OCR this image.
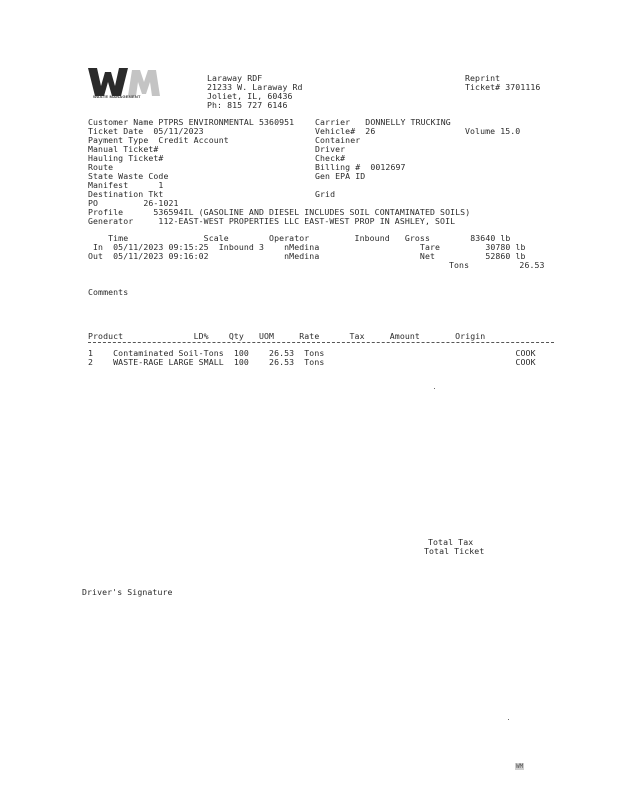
WASTE MANAGEMENT
Laraway RDF
21233 W. Laraway Rd
Joliet, IL, 60436
Ph: 815 727 6146
Reprint
Ticket# 3701116
Customer Name PTPRS ENVIRONMENTAL 5360951
Ticket Date  05/11/2023
Payment Type  Credit Account
Manual Ticket#
Hauling Ticket#
Route
State Waste Code
Manifest      1
Destination Tkt
PO         26-1021
Profile      536594IL (GASOLINE AND DIESEL INCLUDES SOIL CONTAMINATED SOILS)
Generator     112-EAST-WEST PROPERTIES LLC EAST-WEST PROP IN ASHLEY, SOIL
Carrier   DONNELLY TRUCKING
Vehicle#  26	Volume 15.0
Container
Driver
Check#
Billing #  0012697
Gen EPA ID
Grid
Time               Scale        Operator         Inbound   Gross        83640 lb
In  05/11/2023 09:15:25  Inbound 3    nMedina                    Tare         30780 lb
Out  05/11/2023 09:16:02               nMedina                    Net          52860 lb
Tons          26.53
Comments
Product              LD%    Qty   UOM     Rate      Tax     Amount       Origin
1    Contaminated Soil-Tons  100    26.53  Tons                                      COOK
2    WASTE-RAGE LARGE SMALL  100    26.53  Tons                                      COOK
Total Tax
Total Ticket
Driver's Signature
WM
